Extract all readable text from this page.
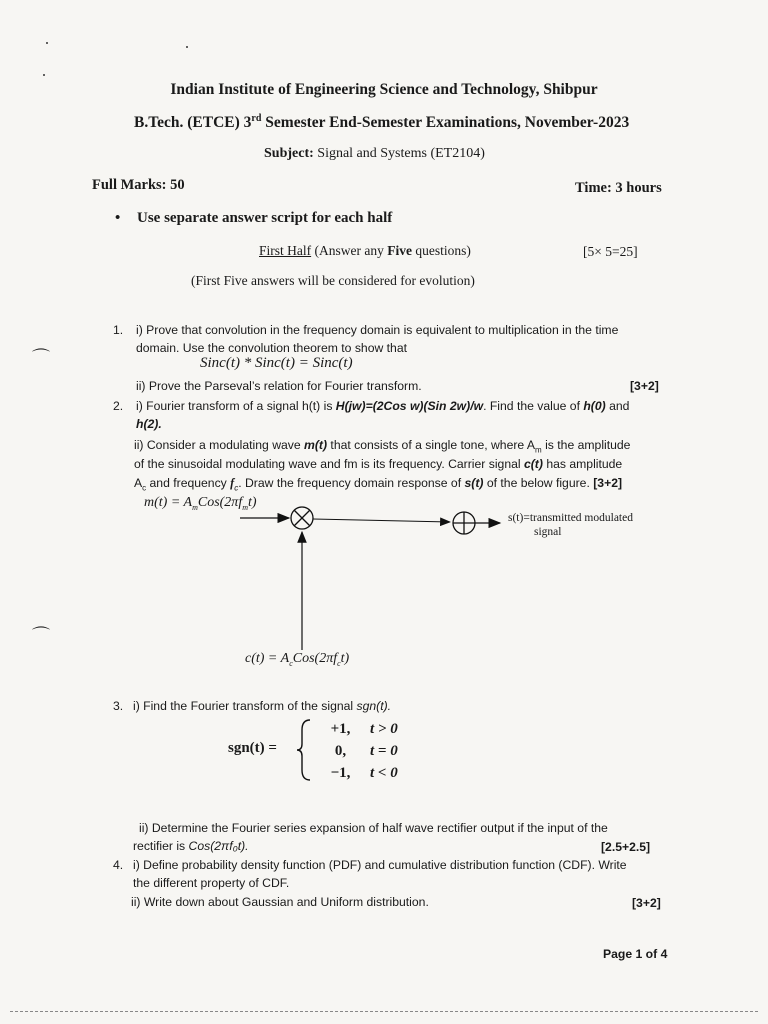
⌒
⌒
Indian Institute of Engineering Science and Technology, Shibpur
B.Tech. (ETCE) 3rd Semester End-Semester Examinations, November-2023
Subject: Signal and Systems (ET2104)
Full Marks: 50	Time: 3 hours
• Use separate answer script for each half
First Half (Answer any Five questions)	[5× 5=25]
(First Five answers will be considered for evolution)
1. i) Prove that convolution in the frequency domain is equivalent to multiplication in the time
domain. Use the convolution theorem to show that
Sinc(t) * Sinc(t) = Sinc(t)
ii) Prove the Parseval’s relation for Fourier transform.	[3+2]
2. i) Fourier transform of a signal h(t) is H(jw)=(2Cos w)(Sin 2w)/w. Find the value of h(0) and
h(2).
ii) Consider a modulating wave m(t) that consists of a single tone, where $A_m$ is the amplitude
of the sinusoidal modulating wave and fm is its frequency. Carrier signal c(t) has amplitude
$A_c$ and frequency $f_c$. Draw the frequency domain response of s(t) of the below figure. [3+2]
$m(t) = A_mCos(2\pi f_mt)$
s(t)=transmitted modulated
signal
$c(t) = A_cCos(2\pi f_ct)$
3. i) Find the Fourier transform of the signal sgn(t).
sgn(t) =
+1,	t > 0
0,	t = 0
−1,	t < 0
ii) Determine the Fourier series expansion of half wave rectifier output if the input of the
rectifier is Cos(2πf₀t).	[2.5+2.5]
4. i) Define probability density function (PDF) and cumulative distribution function (CDF). Write
the different property of CDF.
ii) Write down about Gaussian and Uniform distribution.	[3+2]
Page 1 of 4
